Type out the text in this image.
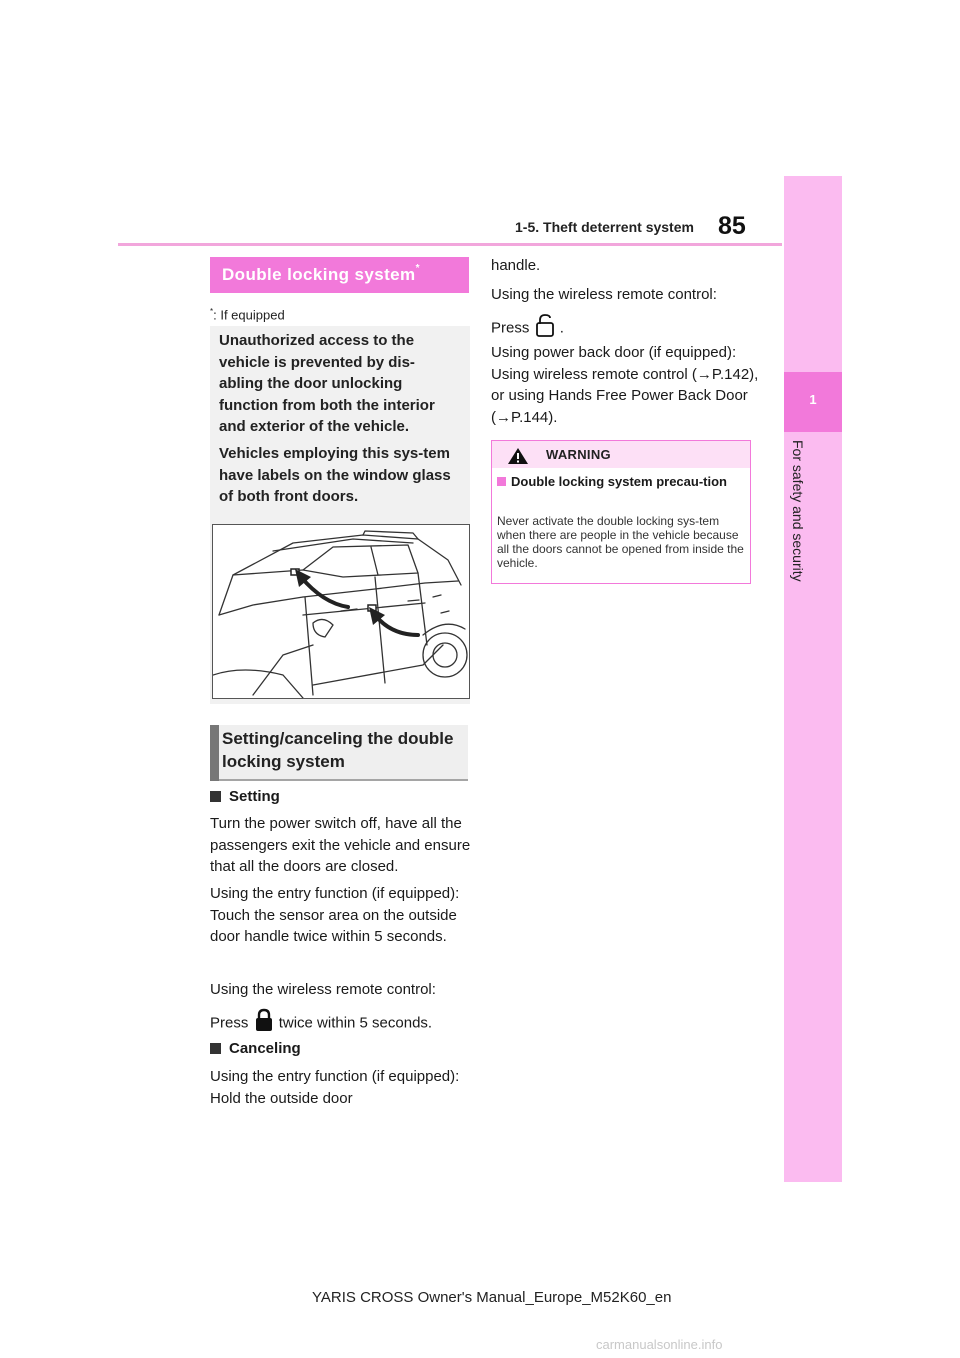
1-5. Theft deterrent system 85
1
For safety and security
Double locking system*
*: If equipped
Unauthorized access to the vehicle is prevented by dis-abling the door unlocking function from both the interior and exterior of the vehicle.
Vehicles employing this sys-tem have labels on the window glass of both front doors.
Setting/canceling the double locking system
Setting
Turn the power switch off, have all the passengers exit the vehicle and ensure that all the doors are closed.
Using the entry function (if equipped): Touch the sensor area on the outside door handle twice within 5 seconds.
Using the wireless remote control:
Press twice within 5 seconds.
Canceling
Using the entry function (if equipped): Hold the outside door
handle.
Using the wireless remote control:
Press .
Using power back door (if equipped): Using wireless remote control (→P.142), or using Hands Free Power Back Door (→P.144).
WARNING
Double locking system precau-tion
Never activate the double locking sys-tem when there are people in the vehicle because all the doors cannot be opened from inside the vehicle.
YARIS CROSS Owner's Manual_Europe_M52K60_en
carmanualsonline.info
